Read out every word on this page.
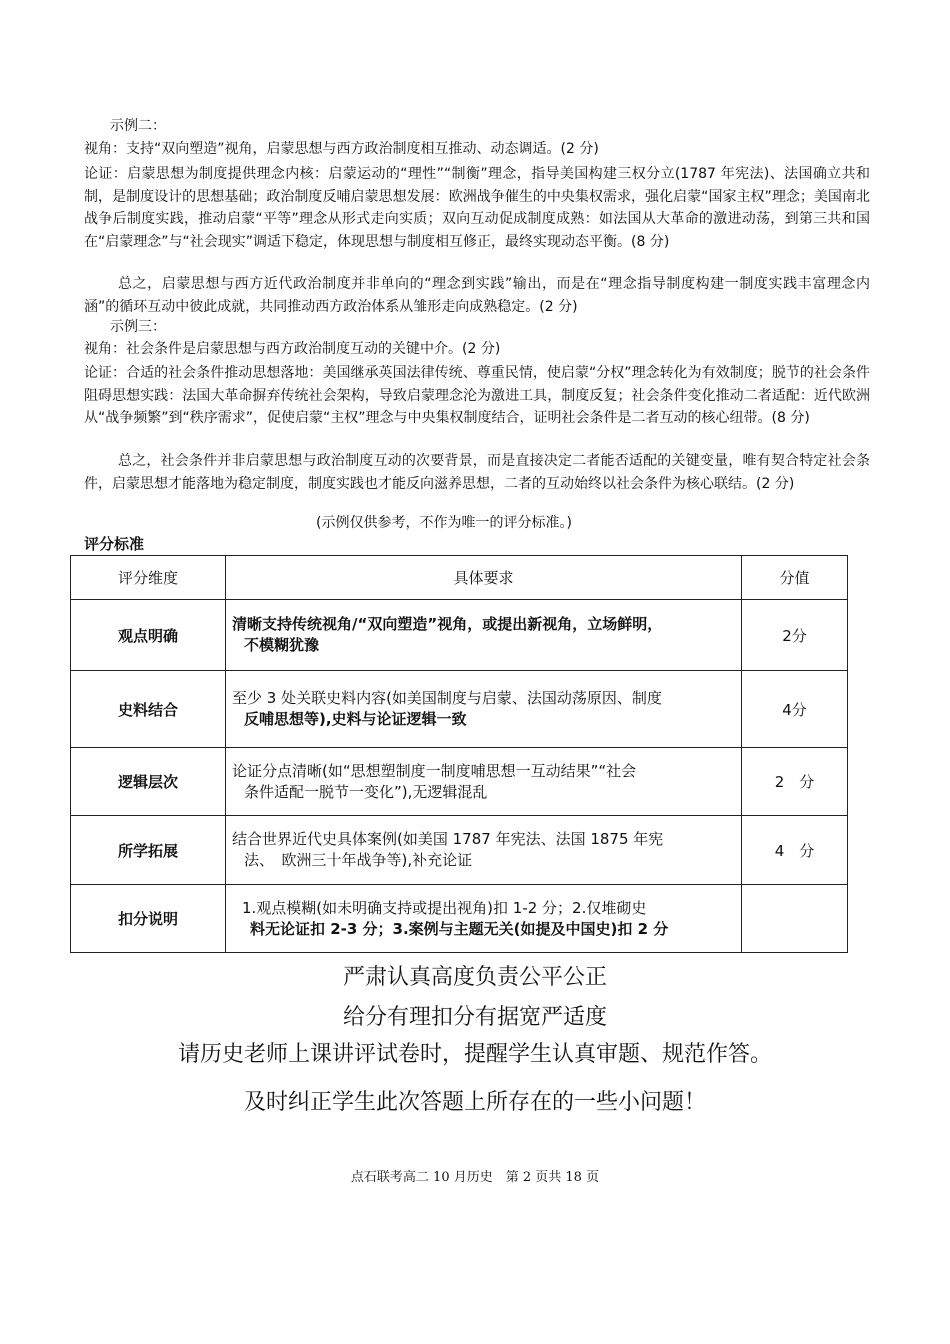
示例二：

视角：支持“双向塑造”视角，启蒙思想与西方政治制度相互推动、动态调适。(2 分)

论证：启蒙思想为制度提供理念内核：启蒙运动的“理性”“制衡”理念，指导美国构建三权分立(1787 年宪法)、法国确立共和制，是制度设计的思想基础；政治制度反哺启蒙思想发展：欧洲战争催生的中央集权需求，强化启蒙“国家主权”理念；美国南北战争后制度实践，推动启蒙“平等”理念从形式走向实质；双向互动促成制度成熟：如法国从大革命的激进动荡，到第三共和国在“启蒙理念”与“社会现实”调适下稳定，体现思想与制度相互修正，最终实现动态平衡。(8 分)

总之，启蒙思想与西方近代政治制度并非单向的“理念到实践”输出，而是在“理念指导制度构建一制度实践丰富理念内涵”的循环互动中彼此成就，共同推动西方政治体系从雏形走向成熟稳定。(2 分)

示例三：

视角：社会条件是启蒙思想与西方政治制度互动的关键中介。(2 分)

论证：合适的社会条件推动思想落地：美国继承英国法律传统、尊重民情，使启蒙“分权”理念转化为有效制度；脱节的社会条件阻碍思想实践：法国大革命摒弃传统社会架构，导致启蒙理念沦为激进工具，制度反复；社会条件变化推动二者适配：近代欧洲从“战争频繁”到“秩序需求”，促使启蒙“主权”理念与中央集权制度结合，证明社会条件是二者互动的核心纽带。(8 分)

总之，社会条件并非启蒙思想与政治制度互动的次要背景，而是直接决定二者能否适配的关键变量，唯有契合特定社会条件，启蒙思想才能落地为稳定制度，制度实践也才能反向滋养思想，二者的互动始终以社会条件为核心联结。(2 分)

(示例仅供参考，不作为唯一的评分标准。)

评分标准

评分维度	具体要求	分值
观点明确	清晰支持传统视角/“双向塑造”视角，或提出新视角，立场鲜明，
不模糊犹豫	2分
史料结合	至少 3 处关联史料内容(如美国制度与启蒙、法国动荡原因、制度
反哺思想等),史料与论证逻辑一致	4分
逻辑层次	论证分点清晰(如“思想塑制度一制度哺思想一互动结果”“社会
条件适配一脱节一变化”),无逻辑混乱	2　分
所学拓展	结合世界近代史具体案例(如美国 1787 年宪法、法国 1875 年宪
法、　欧洲三十年战争等),补充论证	4　分
扣分说明	1.观点模糊(如未明确支持或提出视角)扣 1-2 分；2.仅堆砌史
料无论证扣 2-3 分；3.案例与主题无关(如提及中国史)扣 2 分	

严肃认真高度负责公平公正

给分有理扣分有据宽严适度

请历史老师上课讲评试卷时，提醒学生认真审题、规范作答。

及时纠正学生此次答题上所存在的一些小问题！

点石联考高二 10 月历史　第 2 页共 18 页
